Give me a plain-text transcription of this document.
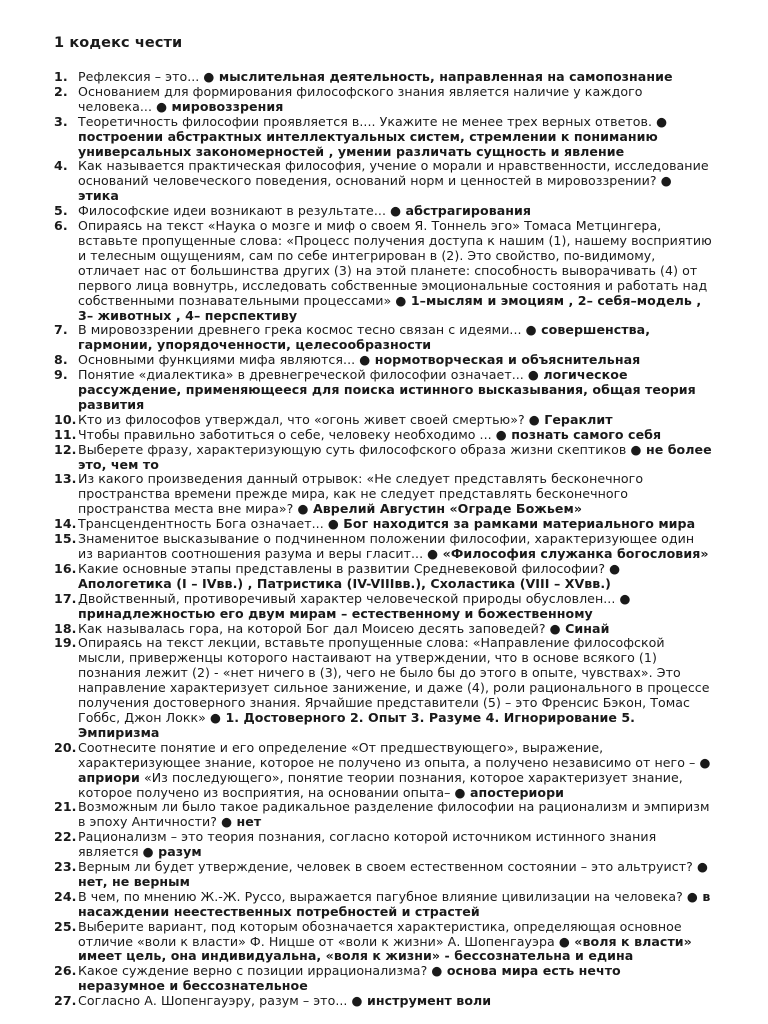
1 кодекс чести
1. Рефлексия – это... ● мыслительная деятельность, направленная на самопознание
2. Основанием для формирования философского знания является наличие у каждого человека... ● мировоззрения
3. Теоретичность философии проявляется в.... Укажите не менее трех верных ответов. ● построении абстрактных интеллектуальных систем, стремлении к пониманию универсальных закономерностей , умении различать сущность и явление
4. Как называется практическая философия, учение о морали и нравственности, исследование оснований человеческого поведения, оснований норм и ценностей в мировоззрении? ● этика
5. Философские идеи возникают в результате... ● абстрагирования
6. Опираясь на текст «Наука о мозге и миф о своем Я. Тоннель эго» Томаса Метцингера, вставьте пропущенные слова: «Процесс получения доступа к нашим (1), нашему восприятию и телесным ощущениям, сам по себе интегрирован в (2). Это свойство, по-видимому, отличает нас от большинства других (3) на этой планете: способность выворачивать (4) от первого лица вовнутрь, исследовать собственные эмоциональные состояния и работать над собственными познавательными процессами» ● 1–мыслям и эмоциям , 2– себя–модель , 3– животных , 4– перспективу
7. В мировоззрении древнего грека космос тесно связан с идеями... ● совершенства, гармонии, упорядоченности, целесообразности
8. Основными функциями мифа являются... ● нормотворческая и объяснительная
9. Понятие «диалектика» в древнегреческой философии означает... ● логическое рассуждение, применяющееся для поиска истинного высказывания, общая теория развития
10. Кто из философов утверждал, что «огонь живет своей смертью»? ● Гераклит
11. Чтобы правильно заботиться о себе, человеку необходимо ... ● познать самого себя
12. Выберете фразу, характеризующую суть философского образа жизни скептиков ● не более это, чем то
13. Из какого произведения данный отрывок: «Не следует представлять бесконечного пространства времени прежде мира, как не следует представлять бесконечного пространства места вне мира»? ● Аврелий Августин «Ограде Божьем»
14. Трансцендентность Бога означает... ● Бог находится за рамками материального мира
15. Знаменитое высказывание о подчиненном положении философии, характеризующее один из вариантов соотношения разума и веры гласит... ● «Философия служанка богословия»
16. Какие основные этапы представлены в развитии Средневековой философии? ● Апологетика (I – IVвв.) , Патристика (IV-VIIIвв.), Схоластика (VIII – XVвв.)
17. Двойственный, противоречивый характер человеческой природы обусловлен... ● принадлежностью его двум мирам – естественному и божественному
18. Как называлась гора, на которой Бог дал Моисею десять заповедей? ● Синай
19. Опираясь на текст лекции, вставьте пропущенные слова: «Направление философской мысли, приверженцы которого настаивают на утверждении, что в основе всякого (1) познания лежит (2) - «нет ничего в (3), чего не было бы до этого в опыте, чувствах». Это направление характеризует сильное занижение, и даже (4), роли рационального в процессе получения достоверного знания. Ярчайшие представители (5) – это Френсис Бэкон, Томас Гоббс, Джон Локк» ● 1. Достоверного 2. Опыт 3. Разуме 4. Игнорирование 5. Эмпиризма
20. Соотнесите понятие и его определение «От предшествующего», выражение, характеризующее знание, которое не получено из опыта, а получено независимо от него – ● априори «Из последующего», понятие теории познания, которое характеризует знание, которое получено из восприятия, на основании опыта– ● апостериори
21. Возможным ли было такое радикальное разделение философии на рационализм и эмпиризм в эпоху Античности? ● нет
22. Рационализм – это теория познания, согласно которой источником истинного знания является ● разум
23. Верным ли будет утверждение, человек в своем естественном состоянии – это альтруист? ● нет, не верным
24. В чем, по мнению Ж.-Ж. Руссо, выражается пагубное влияние цивилизации на человека? ● в насаждении неестественных потребностей и страстей
25. Выберите вариант, под которым обозначается характеристика, определяющая основное отличие «воли к власти» Ф. Ницше от «воли к жизни» А. Шопенгауэра ● «воля к власти» имеет цель, она индивидуальна, «воля к жизни» - бессознательна и едина
26. Какое суждение верно с позиции иррационализма? ● основа мира есть нечто неразумное и бессознательное
27. Согласно А. Шопенгауэру, разум – это... ● инструмент воли
